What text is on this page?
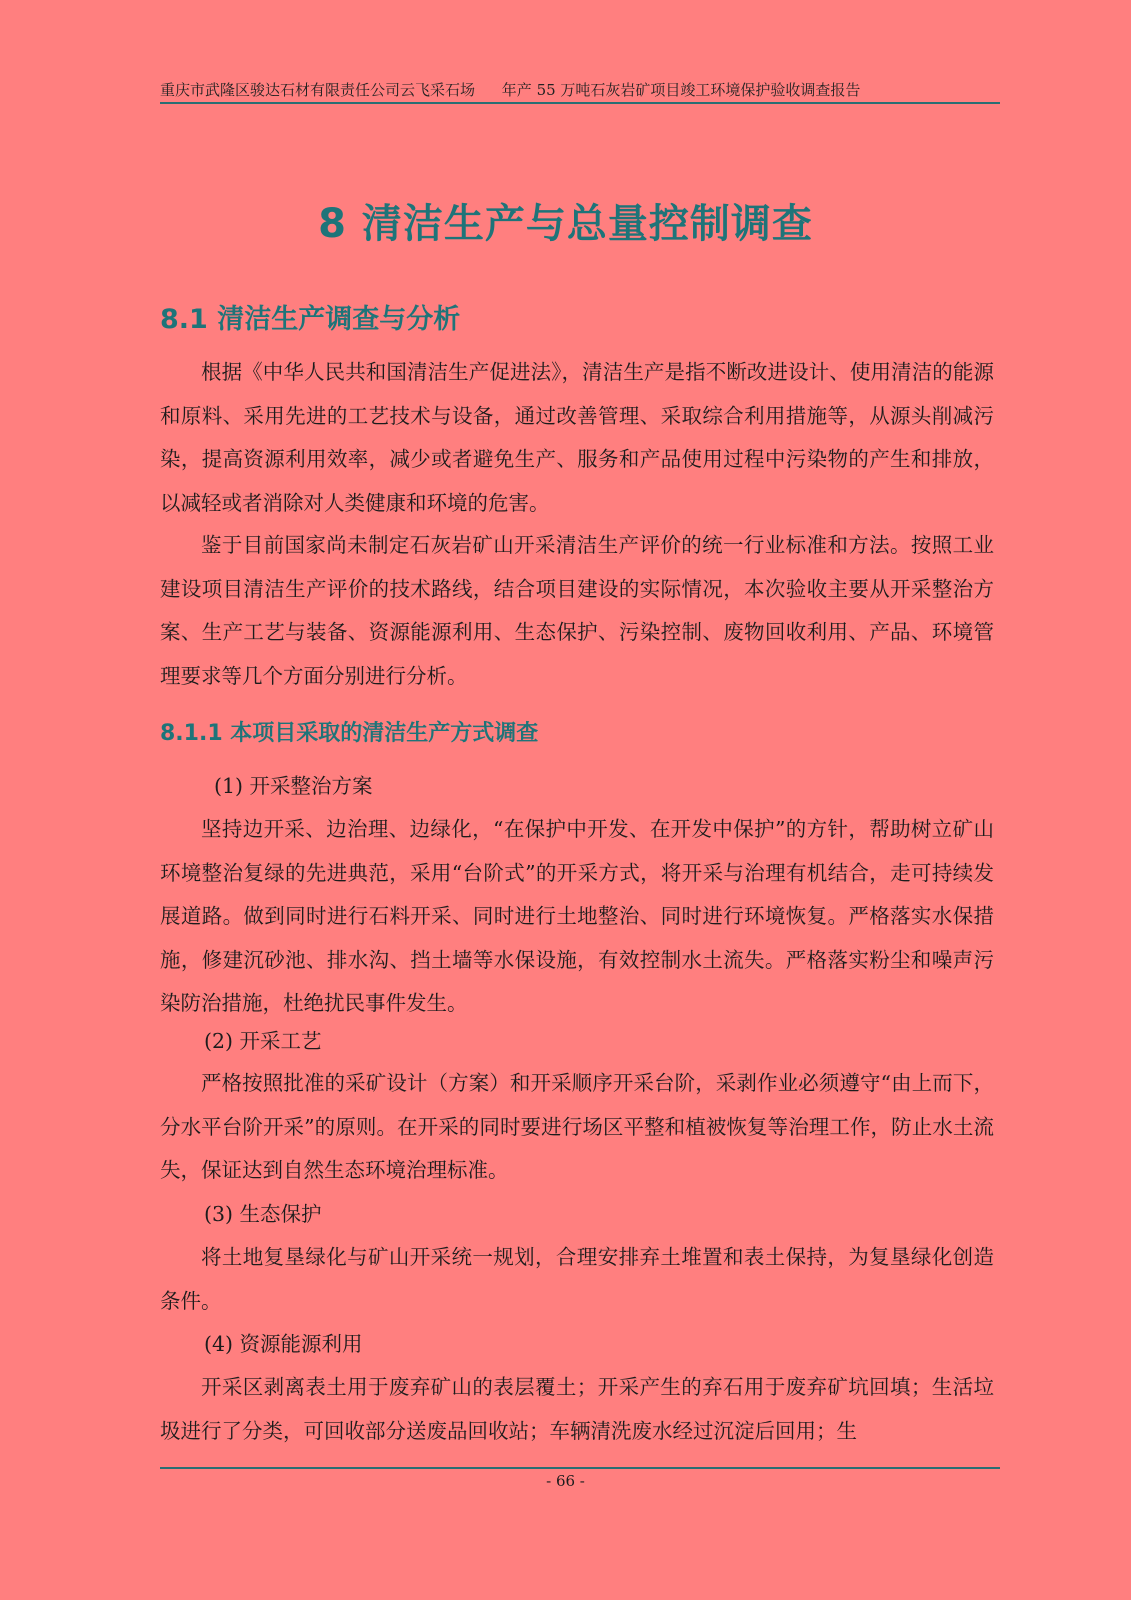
重庆市武隆区骏达石材有限责任公司云飞采石场 年产 55 万吨石灰岩矿项目竣工环境保护验收调查报告
8 清洁生产与总量控制调查
8.1 清洁生产调查与分析

根据《中华人民共和国清洁生产促进法》，清洁生产是指不断改进设计、使用清洁的能源和原料、采用先进的工艺技术与设备，通过改善管理、采取综合利用措施等，从源头削减污染，提高资源利用效率，减少或者避免生产、服务和产品使用过程中污染物的产生和排放，以减轻或者消除对人类健康和环境的危害。

鉴于目前国家尚未制定石灰岩矿山开采清洁生产评价的统一行业标准和方法。按照工业建设项目清洁生产评价的技术路线，结合项目建设的实际情况，本次验收主要从开采整治方案、生产工艺与装备、资源能源利用、生态保护、污染控制、废物回收利用、产品、环境管理要求等几个方面分别进行分析。

8.1.1 本项目采取的清洁生产方式调查

(1) 开采整治方案

坚持边开采、边治理、边绿化，“在保护中开发、在开发中保护”的方针，帮助树立矿山环境整治复绿的先进典范，采用“台阶式”的开采方式，将开采与治理有机结合，走可持续发展道路。做到同时进行石料开采、同时进行土地整治、同时进行环境恢复。严格落实水保措施，修建沉砂池、排水沟、挡土墙等水保设施，有效控制水土流失。严格落实粉尘和噪声污染防治措施，杜绝扰民事件发生。

(2) 开采工艺

严格按照批准的采矿设计（方案）和开采顺序开采台阶，采剥作业必须遵守“由上而下，分水平台阶开采”的原则。在开采的同时要进行场区平整和植被恢复等治理工作，防止水土流失，保证达到自然生态环境治理标准。

(3) 生态保护

将土地复垦绿化与矿山开采统一规划，合理安排弃土堆置和表土保持，为复垦绿化创造条件。

(4) 资源能源利用

开采区剥离表土用于废弃矿山的表层覆土；开采产生的弃石用于废弃矿坑回填；生活垃圾进行了分类，可回收部分送废品回收站；车辆清洗废水经过沉淀后回用；生

- 66 -
